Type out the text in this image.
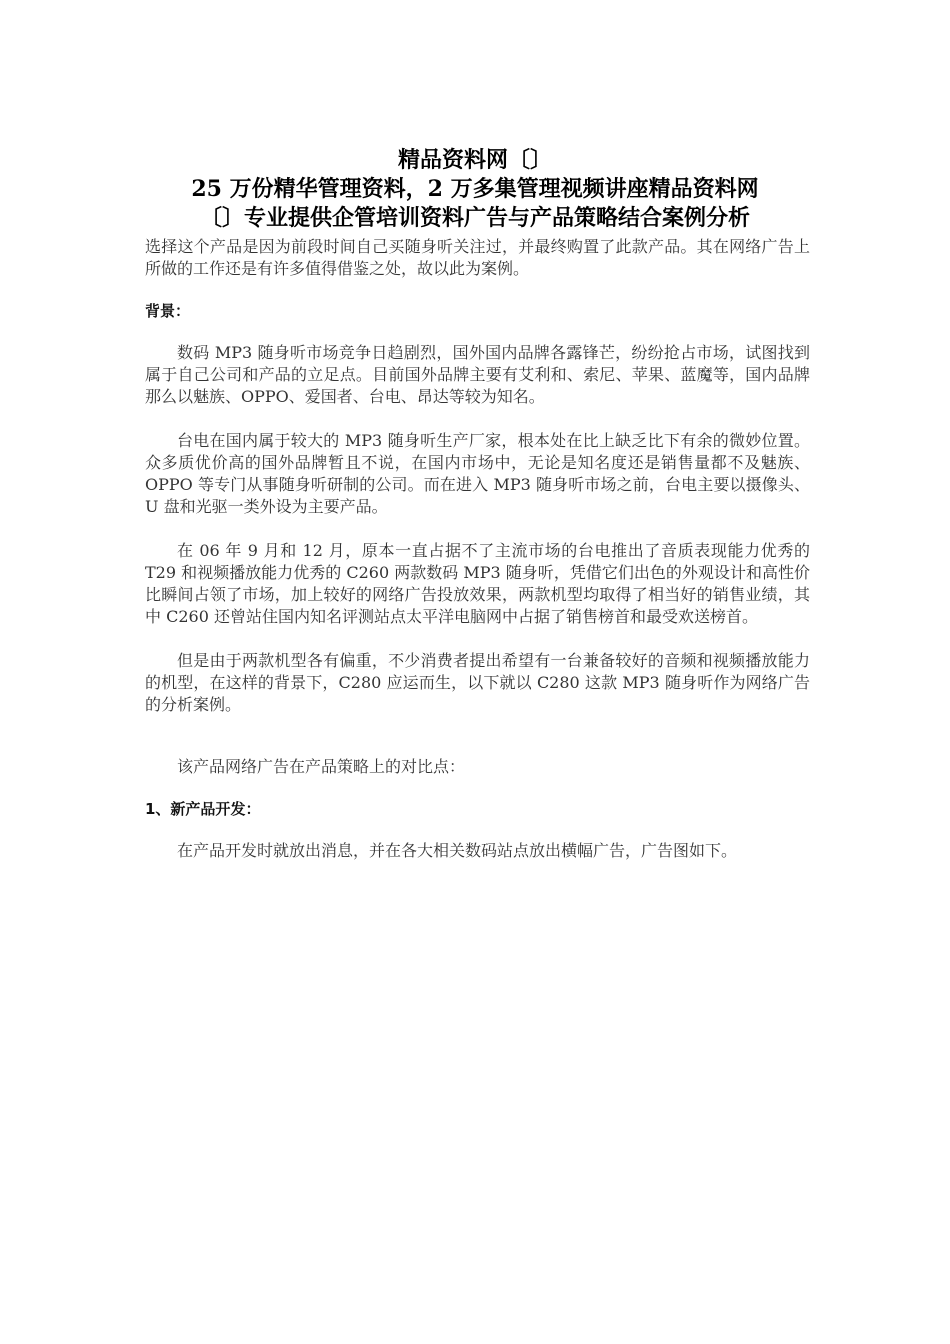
精品资料网〔〕
25 万份精华管理资料，2 万多集管理视频讲座精品资料网
〔〕专业提供企管培训资料广告与产品策略结合案例分析

选择这个产品是因为前段时间自己买随身听关注过，并最终购置了此款产品。其在网络广告上所做的工作还是有许多值得借鉴之处，故以此为案例。

背景：

数码 MP3 随身听市场竞争日趋剧烈，国外国内品牌各露锋芒，纷纷抢占市场，试图找到属于自己公司和产品的立足点。目前国外品牌主要有艾利和、索尼、苹果、蓝魔等，国内品牌那么以魅族、OPPO、爱国者、台电、昂达等较为知名。

台电在国内属于较大的 MP3 随身听生产厂家，根本处在比上缺乏比下有余的微妙位置。众多质优价高的国外品牌暂且不说，在国内市场中，无论是知名度还是销售量都不及魅族、OPPO 等专门从事随身听研制的公司。而在进入 MP3 随身听市场之前，台电主要以摄像头、U 盘和光驱一类外设为主要产品。

在 06 年 9 月和 12 月，原本一直占据不了主流市场的台电推出了音质表现能力优秀的 T29 和视频播放能力优秀的 C260 两款数码 MP3 随身听，凭借它们出色的外观设计和高性价比瞬间占领了市场，加上较好的网络广告投放效果，两款机型均取得了相当好的销售业绩，其中 C260 还曾站住国内知名评测站点太平洋电脑网中占据了销售榜首和最受欢送榜首。

但是由于两款机型各有偏重，不少消费者提出希望有一台兼备较好的音频和视频播放能力的机型，在这样的背景下，C280 应运而生，以下就以 C280 这款 MP3 随身听作为网络广告的分析案例。

该产品网络广告在产品策略上的对比点：

1、新产品开发：

在产品开发时就放出消息，并在各大相关数码站点放出横幅广告，广告图如下。
